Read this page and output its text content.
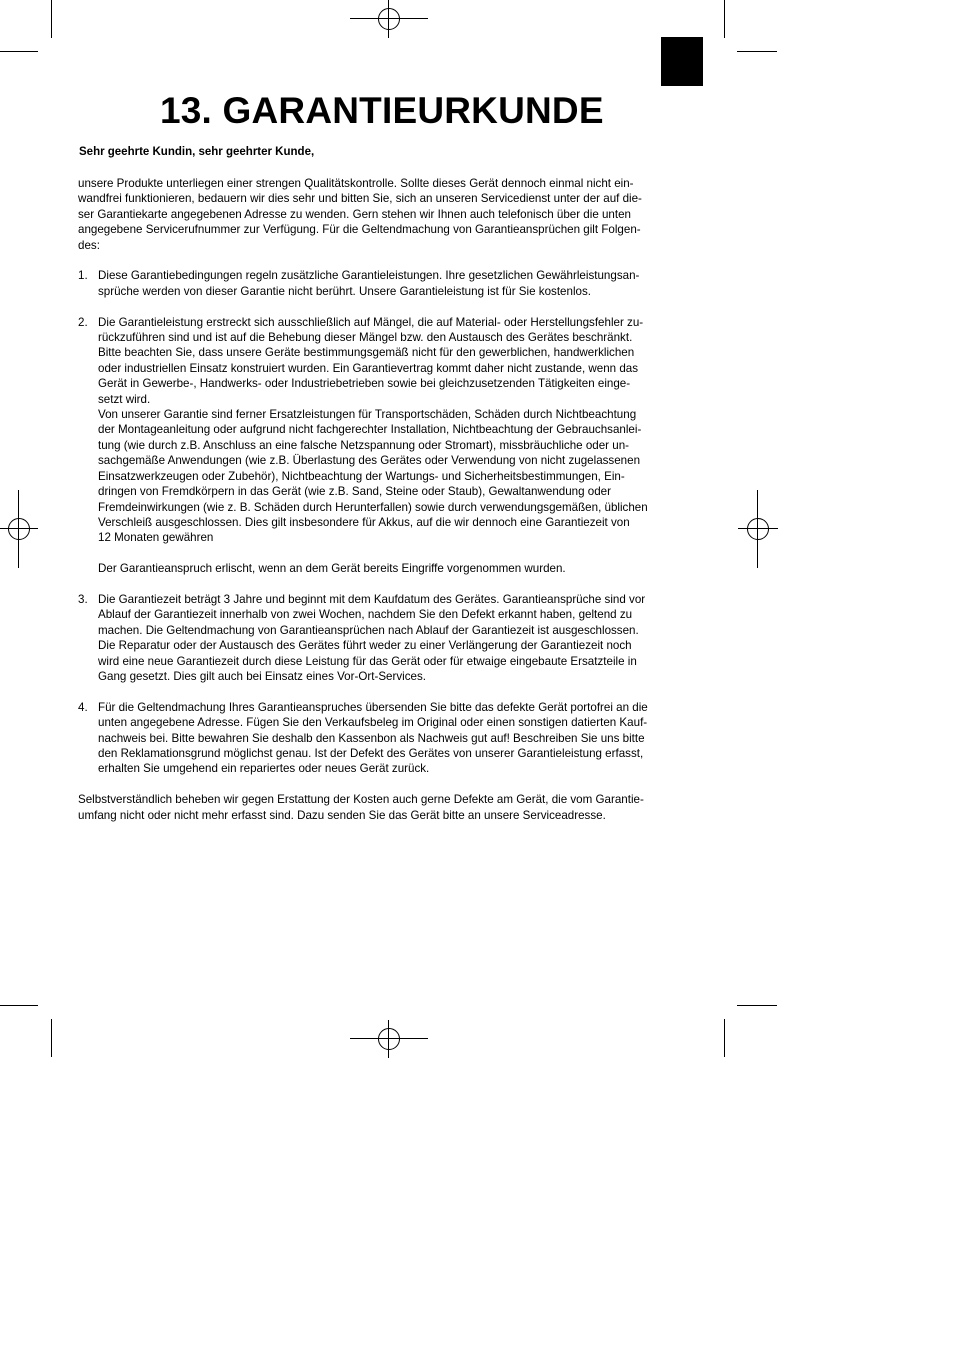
13. GARANTIEURKUNDE
Sehr geehrte Kundin, sehr geehrter Kunde,
unsere Produkte unterliegen einer strengen Qualitätskontrolle. Sollte dieses Gerät dennoch einmal nicht ein-
wandfrei funktionieren, bedauern wir dies sehr und bitten Sie, sich an unseren Servicedienst unter der auf die-
ser Garantiekarte angegebenen Adresse zu wenden. Gern stehen wir Ihnen auch telefonisch über die unten
angegebene Servicerufnummer zur Verfügung. Für die Geltendmachung von Garantieansprüchen gilt Folgen-
des:
1. Diese Garantiebedingungen regeln zusätzliche Garantieleistungen. Ihre gesetzlichen Gewährleistungsan-
sprüche werden von dieser Garantie nicht berührt. Unsere Garantieleistung ist für Sie kostenlos.
2. Die Garantieleistung erstreckt sich ausschließlich auf Mängel, die auf Material- oder Herstellungsfehler zu-
rückzuführen sind und ist auf die Behebung dieser Mängel bzw. den Austausch des Gerätes beschränkt.
Bitte beachten Sie, dass unsere Geräte bestimmungsgemäß nicht für den gewerblichen, handwerklichen
oder industriellen Einsatz konstruiert wurden. Ein Garantievertrag kommt daher nicht zustande, wenn das
Gerät in Gewerbe-, Handwerks- oder Industriebetrieben sowie bei gleichzusetzenden Tätigkeiten einge-
setzt wird.
Von unserer Garantie sind ferner Ersatzleistungen für Transportschäden, Schäden durch Nichtbeachtung
der Montageanleitung oder aufgrund nicht fachgerechter Installation, Nichtbeachtung der Gebrauchsanlei-
tung (wie durch z.B. Anschluss an eine falsche Netzspannung oder Stromart), missbräuchliche oder un-
sachgemäße Anwendungen (wie z.B. Überlastung des Gerätes oder Verwendung von nicht zugelassenen
Einsatzwerkzeugen oder Zubehör), Nichtbeachtung der Wartungs- und Sicherheitsbestimmungen, Ein-
dringen von Fremdkörpern in das Gerät (wie z.B. Sand, Steine oder Staub), Gewaltanwendung oder
Fremdeinwirkungen (wie z. B. Schäden durch Herunterfallen) sowie durch verwendungsgemäßen, üblichen
Verschleiß ausgeschlossen. Dies gilt insbesondere für Akkus, auf die wir dennoch eine Garantiezeit von
12 Monaten gewähren
Der Garantieanspruch erlischt, wenn an dem Gerät bereits Eingriffe vorgenommen wurden.
3. Die Garantiezeit beträgt 3 Jahre und beginnt mit dem Kaufdatum des Gerätes. Garantieansprüche sind vor
Ablauf der Garantiezeit innerhalb von zwei Wochen, nachdem Sie den Defekt erkannt haben, geltend zu
machen. Die Geltendmachung von Garantieansprüchen nach Ablauf der Garantiezeit ist ausgeschlossen.
Die Reparatur oder der Austausch des Gerätes führt weder zu einer Verlängerung der Garantiezeit noch
wird eine neue Garantiezeit durch diese Leistung für das Gerät oder für etwaige eingebaute Ersatzteile in
Gang gesetzt. Dies gilt auch bei Einsatz eines Vor-Ort-Services.
4. Für die Geltendmachung Ihres Garantieanspruches übersenden Sie bitte das defekte Gerät portofrei an die
unten angegebene Adresse. Fügen Sie den Verkaufsbeleg im Original oder einen sonstigen datierten Kauf-
nachweis bei. Bitte bewahren Sie deshalb den Kassenbon als Nachweis gut auf! Beschreiben Sie uns bitte
den Reklamationsgrund möglichst genau. Ist der Defekt des Gerätes von unserer Garantieleistung erfasst,
erhalten Sie umgehend ein repariertes oder neues Gerät zurück.
Selbstverständlich beheben wir gegen Erstattung der Kosten auch gerne Defekte am Gerät, die vom Garantie-
umfang nicht oder nicht mehr erfasst sind. Dazu senden Sie das Gerät bitte an unsere Serviceadresse.
